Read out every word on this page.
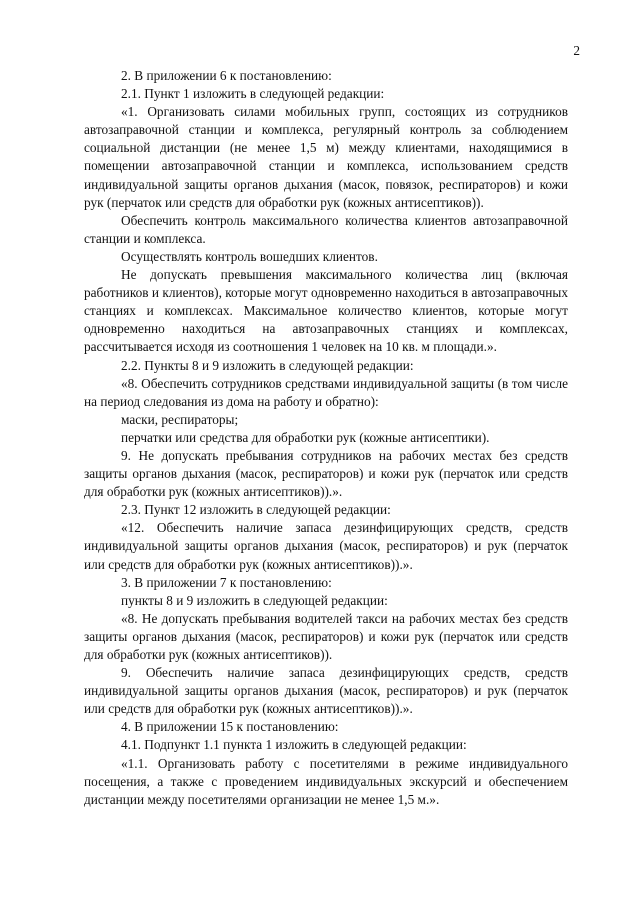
2

2. В приложении 6 к постановлению:

2.1. Пункт 1 изложить в следующей редакции:

«1. Организовать силами мобильных групп, состоящих из сотрудников автозаправочной станции и комплекса, регулярный контроль за соблюдением социальной дистанции (не менее 1,5 м) между клиентами, находящимися в помещении автозаправочной станции и комплекса, использованием средств индивидуальной защиты органов дыхания (масок, повязок, респираторов) и кожи рук (перчаток или средств для обработки рук (кожных антисептиков)).

Обеспечить контроль максимального количества клиентов автозаправочной станции и комплекса.

Осуществлять контроль вошедших клиентов.

Не допускать превышения максимального количества лиц (включая работников и клиентов), которые могут одновременно находиться в автозаправочных станциях и комплексах. Максимальное количество клиентов, которые могут одновременно находиться на автозаправочных станциях и комплексах, рассчитывается исходя из соотношения 1 человек на 10 кв. м площади.».

2.2. Пункты 8 и 9 изложить в следующей редакции:

«8. Обеспечить сотрудников средствами индивидуальной защиты (в том числе на период следования из дома на работу и обратно):

маски, респираторы;

перчатки или средства для обработки рук (кожные антисептики).

9. Не допускать пребывания сотрудников на рабочих местах без средств защиты органов дыхания (масок, респираторов) и кожи рук (перчаток или средств для обработки рук (кожных антисептиков)).».

2.3. Пункт 12 изложить в следующей редакции:

«12. Обеспечить наличие запаса дезинфицирующих средств, средств индивидуальной защиты органов дыхания (масок, респираторов) и рук (перчаток или средств для обработки рук (кожных антисептиков)).».

3. В приложении 7 к постановлению:

пункты 8 и 9 изложить в следующей редакции:

«8. Не допускать пребывания водителей такси на рабочих местах без средств защиты органов дыхания (масок, респираторов) и кожи рук (перчаток или средств для обработки рук (кожных антисептиков)).

9. Обеспечить наличие запаса дезинфицирующих средств, средств индивидуальной защиты органов дыхания (масок, респираторов) и рук (перчаток или средств для обработки рук (кожных антисептиков)).».

4. В приложении 15 к постановлению:

4.1. Подпункт 1.1 пункта 1 изложить в следующей редакции:

«1.1. Организовать работу с посетителями в режиме индивидуального посещения, а также с проведением индивидуальных экскурсий и обеспечением дистанции между посетителями организации не менее 1,5 м.».
